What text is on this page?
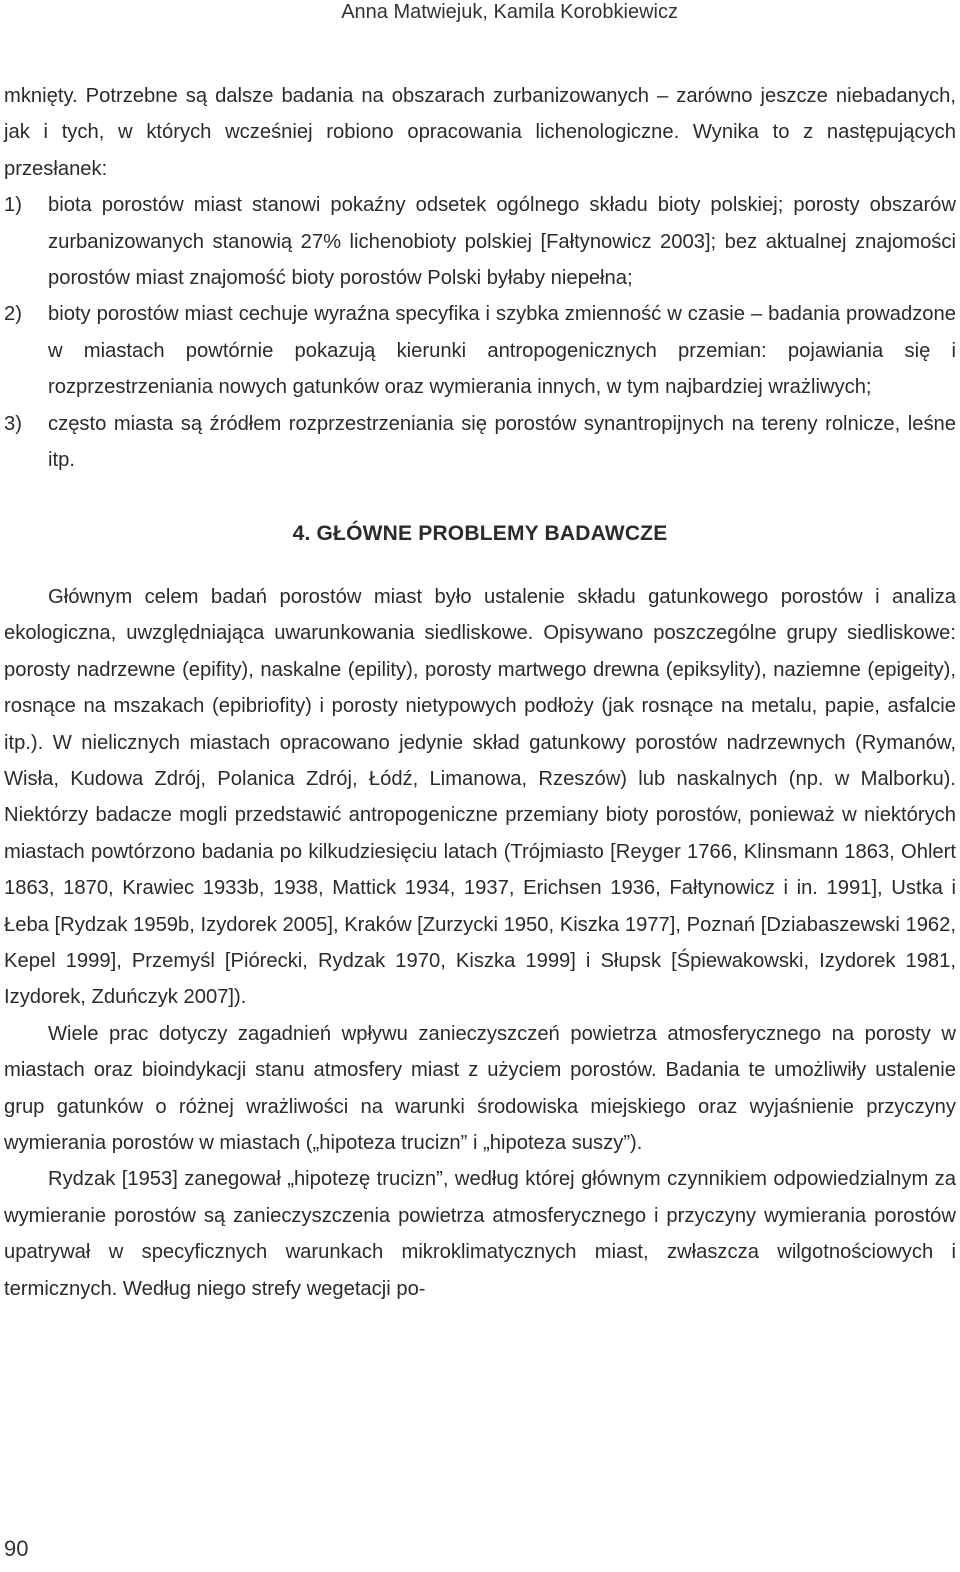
Anna Matwiejuk, Kamila Korobkiewicz

mknięty. Potrzebne są dalsze badania na obszarach zurbanizowanych – zarówno jeszcze niebadanych, jak i tych, w których wcześniej robiono opracowania lichenologiczne. Wynika to z następujących przesłanek:

1) biota porostów miast stanowi pokaźny odsetek ogólnego składu bioty polskiej; porosty obszarów zurbanizowanych stanowią 27% lichenobioty polskiej [Fałtynowicz 2003]; bez aktualnej znajomości porostów miast znajomość bioty porostów Polski byłaby niepełna;
2) bioty porostów miast cechuje wyraźna specyfika i szybka zmienność w czasie – badania prowadzone w miastach powtórnie pokazują kierunki antropogenicznych przemian: pojawiania się i rozprzestrzeniania nowych gatunków oraz wymierania innych, w tym najbardziej wrażliwych;
3) często miasta są źródłem rozprzestrzeniania się porostów synantropijnych na tereny rolnicze, leśne itp.
4. GŁÓWNE PROBLEMY BADAWCZE

Głównym celem badań porostów miast było ustalenie składu gatunkowego porostów i analiza ekologiczna, uwzględniająca uwarunkowania siedliskowe. Opisywano poszczególne grupy siedliskowe: porosty nadrzewne (epifity), naskalne (epility), porosty martwego drewna (epiksylity), naziemne (epigeity), rosnące na mszakach (epibriofity) i porosty nietypowych podłoży (jak rosnące na metalu, papie, asfalcie itp.). W nielicznych miastach opracowano jedynie skład gatunkowy porostów nadrzewnych (Rymanów, Wisła, Kudowa Zdrój, Polanica Zdrój, Łódź, Limanowa, Rzeszów) lub naskalnych (np. w Malborku). Niektórzy badacze mogli przedstawić antropogeniczne przemiany bioty porostów, ponieważ w niektórych miastach powtórzono badania po kilkudziesięciu latach (Trójmiasto [Reyger 1766, Klinsmann 1863, Ohlert 1863, 1870, Krawiec 1933b, 1938, Mattick 1934, 1937, Erichsen 1936, Fałtynowicz i in. 1991], Ustka i Łeba [Rydzak 1959b, Izydorek 2005], Kraków [Zurzycki 1950, Kiszka 1977], Poznań [Dziabaszewski 1962, Kepel 1999], Przemyśl [Piórecki, Rydzak 1970, Kiszka 1999] i Słupsk [Śpiewakowski, Izydorek 1981, Izydorek, Zduńczyk 2007]).

Wiele prac dotyczy zagadnień wpływu zanieczyszczeń powietrza atmosferycznego na porosty w miastach oraz bioindykacji stanu atmosfery miast z użyciem porostów. Badania te umożliwiły ustalenie grup gatunków o różnej wrażliwości na warunki środowiska miejskiego oraz wyjaśnienie przyczyny wymierania porostów w miastach („hipoteza trucizn” i „hipoteza suszy”).

Rydzak [1953] zanegował „hipotezę trucizn”, według której głównym czynnikiem odpowiedzialnym za wymieranie porostów są zanieczyszczenia powietrza atmosferycznego i przyczyny wymierania porostów upatrywał w specyficznych warunkach mikroklimatycznych miast, zwłaszcza wilgotnościowych i termicznych. Według niego strefy wegetacji po-

90
